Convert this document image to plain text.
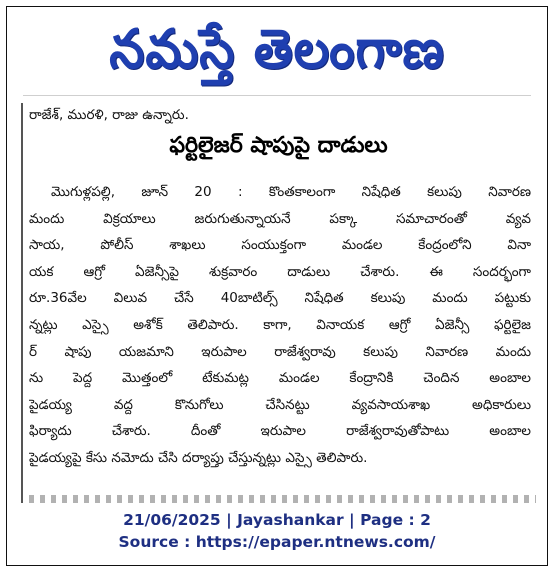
నమస్తే తెలంగాణ
రాజేశ్, మురళి, రాజు ఉన్నారు.
ఫర్టిలైజర్ షాపుపై దాడులు
మొగుళ్లపల్లి, జూన్ 20 : కొంతకాలంగా నిషేధిత కలుపు నివారణ
మందు విక్రయాలు జరుగుతున్నాయనే పక్కా సమాచారంతో వ్యవ
సాయ, పోలీస్ శాఖలు సంయుక్తంగా మండల కేంద్రంలోని వినా
యక ఆగ్రో ఏజెన్సీపై శుక్రవారం దాడులు చేశారు. ఈ సందర్భంగా
రూ.36వేల విలువ చేసే 40బాటిల్స్ నిషేధిత కలుపు మందు పట్టుకు
న్నట్లు ఎస్సై అశోక్ తెలిపారు. కాగా, వినాయక ఆగ్రో ఏజెన్సీ ఫర్టిలైజ
ర్ షాపు యజమాని ఇరుపాల రాజేశ్వరావు కలుపు నివారణ మందు
ను పెద్ద మొత్తంలో టేకుమట్ల మండల కేంద్రానికి చెందిన అంబాల
పైడయ్య వద్ద కొనుగోలు చేసినట్టు వ్యవసాయశాఖ అధికారులు
ఫిర్యాదు చేశారు. దీంతో ఇరుపాల రాజేశ్వరావుతోపాటు అంబాల
పైడయ్యపై కేసు నమోదు చేసి దర్యాప్తు చేస్తున్నట్లు ఎస్సై తెలిపారు.
21/06/2025 | Jayashankar | Page : 2
Source : https://epaper.ntnews.com/
